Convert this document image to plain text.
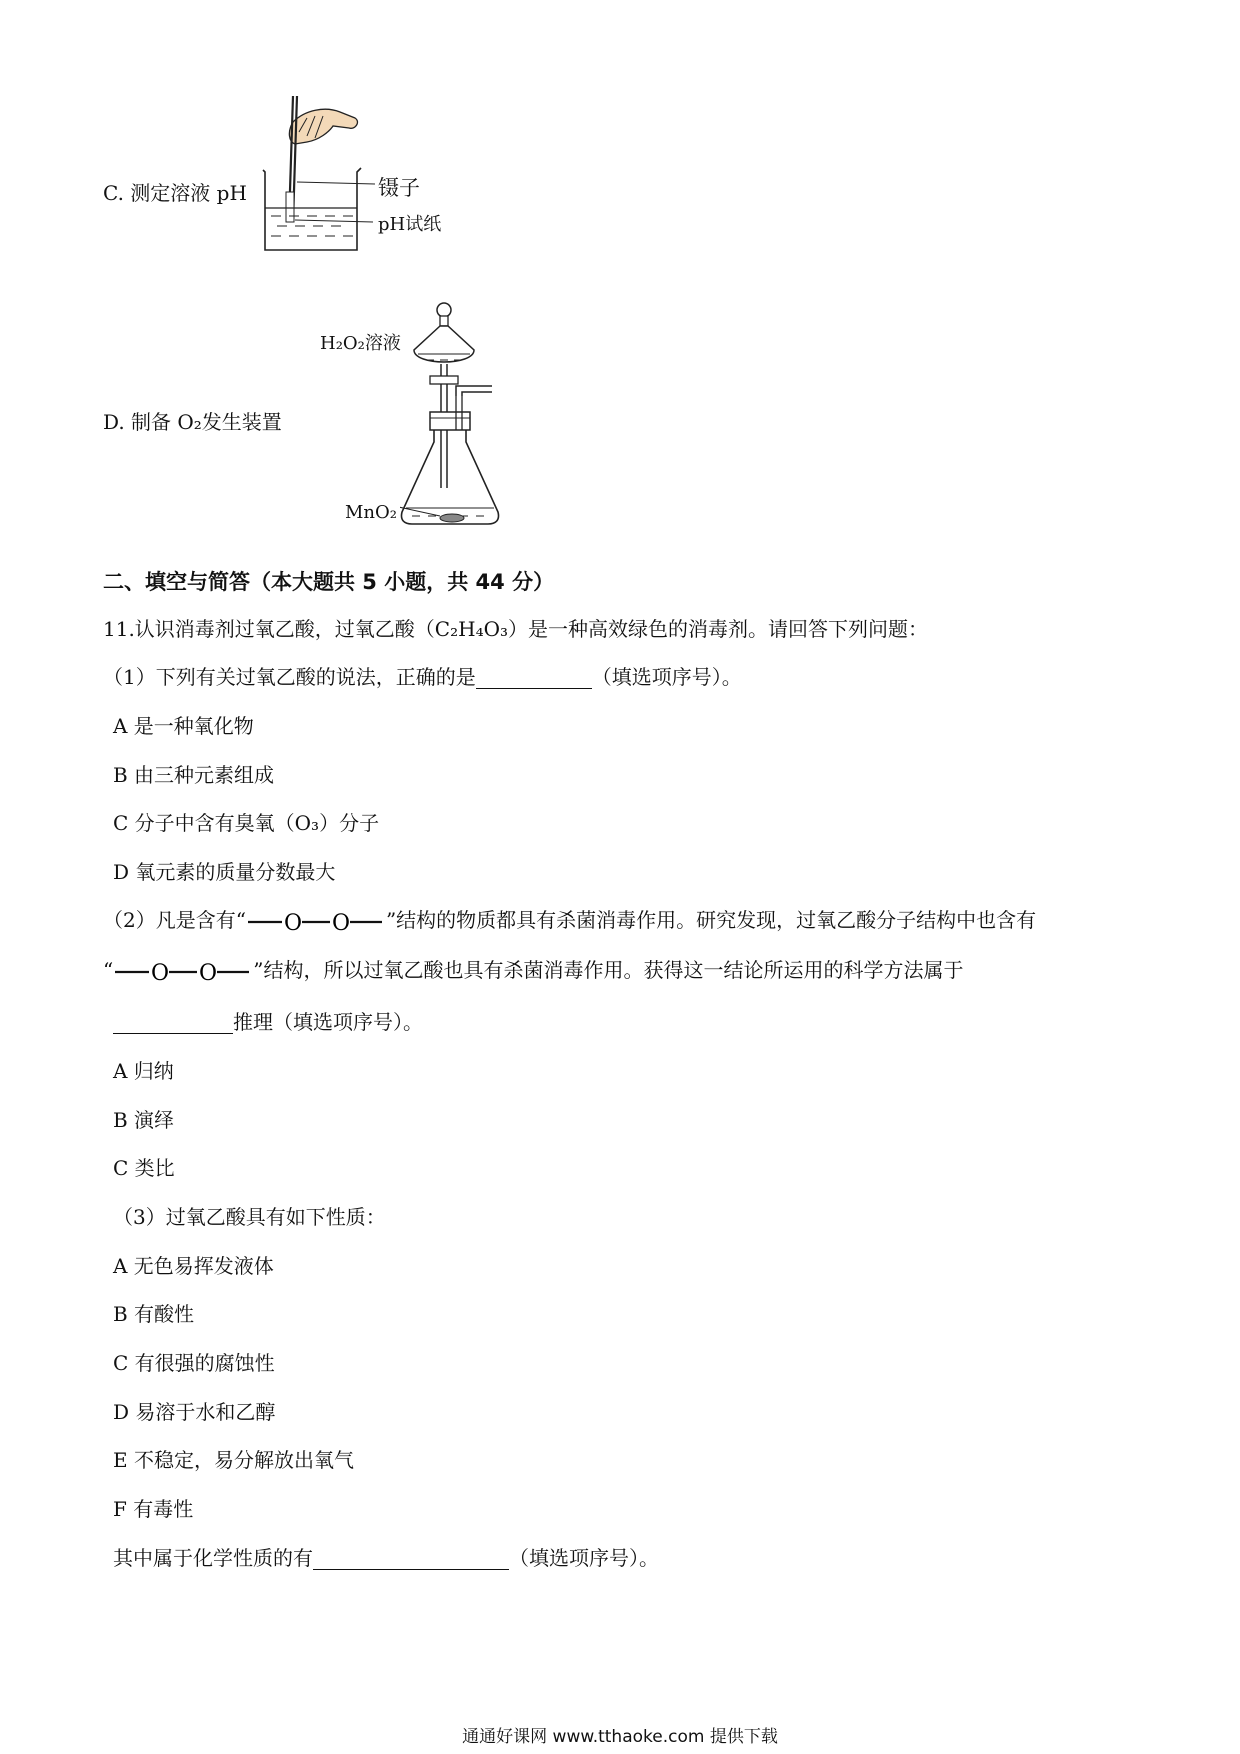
C. 测定溶液 pH	镊子
pH试纸
D. 制备 O₂发生装置
H₂O₂溶液
MnO₂
二、填空与简答（本大题共 5 小题，共 44 分）
11.认识消毒剂过氧乙酸，过氧乙酸（C₂H₄O₃）是一种高效绿色的消毒剂。请回答下列问题：
（1）下列有关过氧乙酸的说法，正确的是	（填选项序号）。
A 是一种氧化物
B 由三种元素组成
C 分子中含有臭氧（O₃）分子
D 氧元素的质量分数最大
（2）凡是含有“ O O ”结构的物质都具有杀菌消毒作用。研究发现，过氧乙酸分子结构中也含有
“ O O ”结构，所以过氧乙酸也具有杀菌消毒作用。获得这一结论所运用的科学方法属于
推理（填选项序号）。
A 归纳
B 演绎
C 类比
（3）过氧乙酸具有如下性质：
A 无色易挥发液体
B 有酸性
C 有很强的腐蚀性
D 易溶于水和乙醇
E 不稳定，易分解放出氧气
F 有毒性
其中属于化学性质的有	（填选项序号）。
通通好课网 www.tthaoke.com 提供下载
